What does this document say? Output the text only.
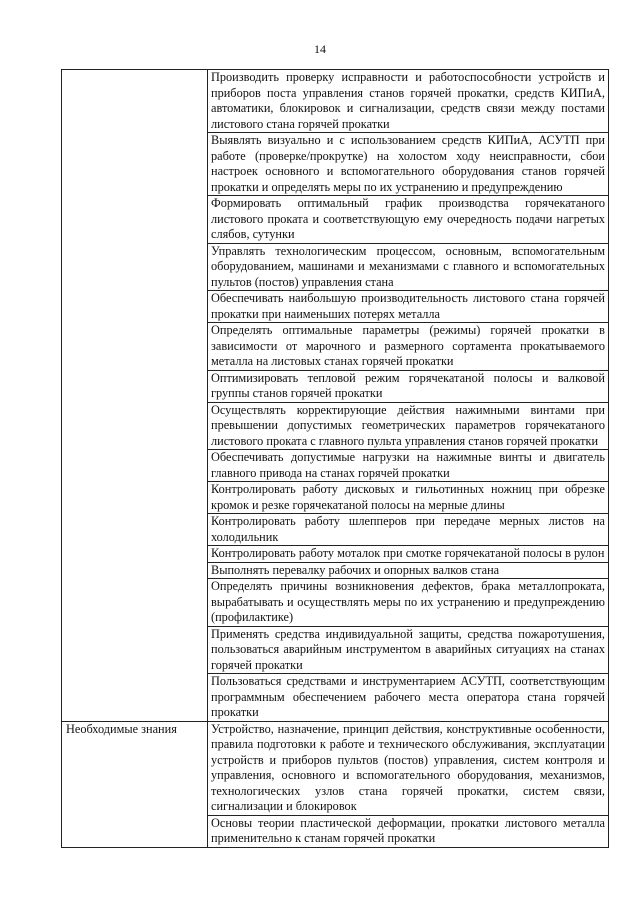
14
	Производить проверку исправности и работоспособности устройств и приборов поста управления станов горячей прокатки, средств КИПиА, автоматики, блокировок и сигнализации, средств связи между постами листового стана горячей прокатки
	Выявлять визуально и с использованием средств КИПиА, АСУТП при работе (проверке/прокрутке) на холостом ходу неисправности, сбои настроек основного и вспомогательного оборудования станов горячей прокатки и определять меры по их устранению и предупреждению
	Формировать оптимальный график производства горячекатаного листового проката и соответствующую ему очередность подачи нагретых слябов, сутунки
	Управлять технологическим процессом, основным, вспомогательным оборудованием, машинами и механизмами с главного и вспомогательных пультов (постов) управления стана
	Обеспечивать наибольшую производительность листового стана горячей прокатки при наименьших потерях металла
	Определять оптимальные параметры (режимы) горячей прокатки в зависимости от марочного и размерного сортамента прокатываемого металла на листовых станах горячей прокатки
	Оптимизировать тепловой режим горячекатаной полосы и валковой группы станов горячей прокатки
	Осуществлять корректирующие действия нажимными винтами при превышении допустимых геометрических параметров горячекатаного листового проката с главного пульта управления станов горячей прокатки
	Обеспечивать допустимые нагрузки на нажимные винты и двигатель главного привода на станах горячей прокатки
	Контролировать работу дисковых и гильотинных ножниц при обрезке кромок и резке горячекатаной полосы на мерные длины
	Контролировать работу шлепперов при передаче мерных листов на холодильник
	Контролировать работу моталок при смотке горячекатаной полосы в рулон
	Выполнять перевалку рабочих и опорных валков стана
	Определять причины возникновения дефектов, брака металлопроката, вырабатывать и осуществлять меры по их устранению и предупреждению (профилактике)
	Применять средства индивидуальной защиты, средства пожаротушения, пользоваться аварийным инструментом в аварийных ситуациях на станах горячей прокатки
	Пользоваться средствами и инструментарием АСУТП, соответствующим программным обеспечением рабочего места оператора стана горячей прокатки
Необходимые знания	Устройство, назначение, принцип действия, конструктивные особенности, правила подготовки к работе и технического обслуживания, эксплуатации устройств и приборов пультов (постов) управления, систем контроля и управления, основного и вспомогательного оборудования, механизмов, технологических узлов стана горячей прокатки, систем связи, сигнализации и блокировок
	Основы теории пластической деформации, прокатки листового металла применительно к станам горячей прокатки
